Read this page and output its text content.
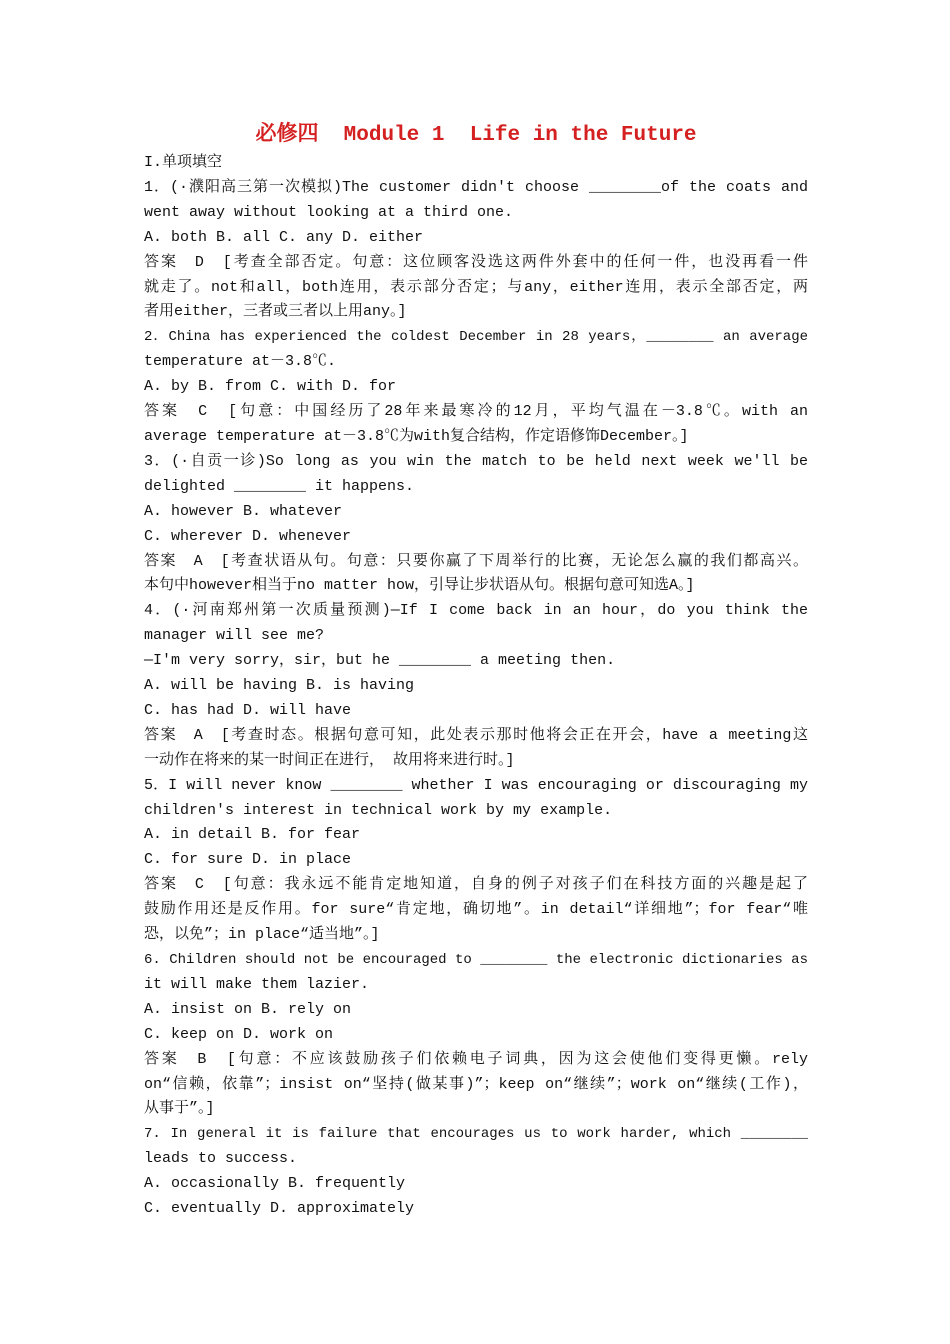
必修四  Module 1  Life in the Future
I.单项填空
1．(·濮阳高三第一次模拟)The customer didn't choose ________of the coats and
went away without looking at a third one.
A. both B. all C. any D. either
答案　D　[考查全部否定。句意：这位顾客没选这两件外套中的任何一件，也没再看一件
就走了。not和all，both连用，表示部分否定；与any，either连用，表示全部否定，两
者用either，三者或三者以上用any。]
2．China has experienced the coldest December in 28 years，________ an average
temperature at－3.8℃.
A. by B. from C. with D. for
答案　C　[句意：中国经历了28年来最寒冷的12月，平均气温在－3.8℃。with an
average temperature at－3.8℃为with复合结构，作定语修饰December。]
3．(·自贡一诊)So long as you win the match to be held next week we'll be
delighted ________ it happens.
A. however B. whatever
C. wherever D. whenever
答案　A　[考查状语从句。句意：只要你赢了下周举行的比赛，无论怎么赢的我们都高兴。
本句中however相当于no matter how，引导让步状语从句。根据句意可知选A。]
4．(·河南郑州第一次质量预测)—If I come back in an hour，do you think the
manager will see me?
—I'm very sorry，sir，but he ________ a meeting then.
A. will be having B. is having
C. has had D. will have
答案　A　[考查时态。根据句意可知，此处表示那时他将会正在开会，have a meeting这
一动作在将来的某一时间正在进行， 故用将来进行时。]
5．I will never know ________ whether I was encouraging or discouraging my
children's interest in technical work by my example.
A. in detail B. for fear
C. for sure D. in place
答案　C　[句意：我永远不能肯定地知道，自身的例子对孩子们在科技方面的兴趣是起了
鼓励作用还是反作用。for sure“肯定地，确切地”。in detail“详细地”；for fear“唯
恐，以免”；in place“适当地”。]
6. Children should not be encouraged to ________ the electronic dictionaries as
it will make them lazier.
A. insist on B. rely on
C. keep on D. work on
答案　B　[句意：不应该鼓励孩子们依赖电子词典，因为这会使他们变得更懒。rely
on“信赖，依靠”；insist on“坚持(做某事)”；keep on“继续”；work on“继续(工作)，
从事于”。]
7. In general it is failure that encourages us to work harder, which ________
leads to success.
A. occasionally B. frequently
C. eventually D. approximately
